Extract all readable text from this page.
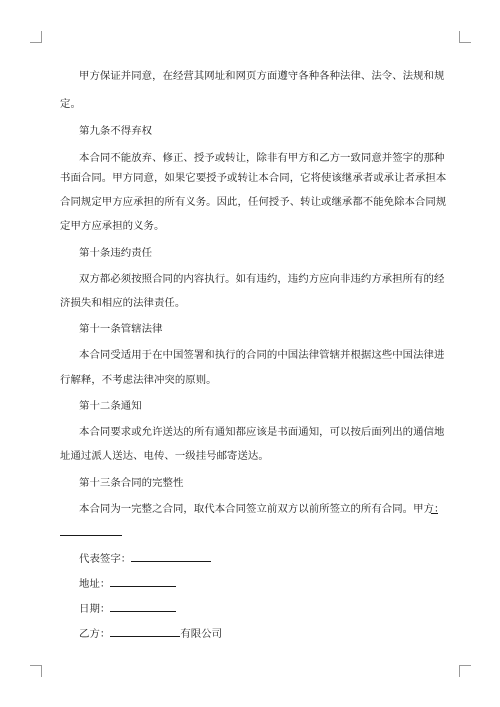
甲方保证并同意，在经营其网址和网页方面遵守各种各种法律、法令、法规和规
定。
第九条不得弃权
本合同不能放弃、修正、授予或转让，除非有甲方和乙方一致同意并签字的那种
书面合同。甲方同意，如果它要授予或转让本合同，它将使该继承者或承让者承担本
合同规定甲方应承担的所有义务。因此，任何授予、转让或继承都不能免除本合同规
定甲方应承担的义务。
第十条违约责任
双方都必须按照合同的内容执行。如有违约，违约方应向非违约方承担所有的经
济损失和相应的法律责任。
第十一条管辖法律
本合同受适用于在中国签署和执行的合同的中国法律管辖并根据这些中国法律进
行解释，不考虑法律冲突的原则。
第十二条通知
本合同要求或允许送达的所有通知都应该是书面通知，可以按后面列出的通信地
址通过派人送达、电传、一级挂号邮寄送达。
第十三条合同的完整性
本合同为一完整之合同，取代本合同签立前双方以前所签立的所有合同。甲方：
代表签字：
地址：
日期：
乙方：	有限公司
